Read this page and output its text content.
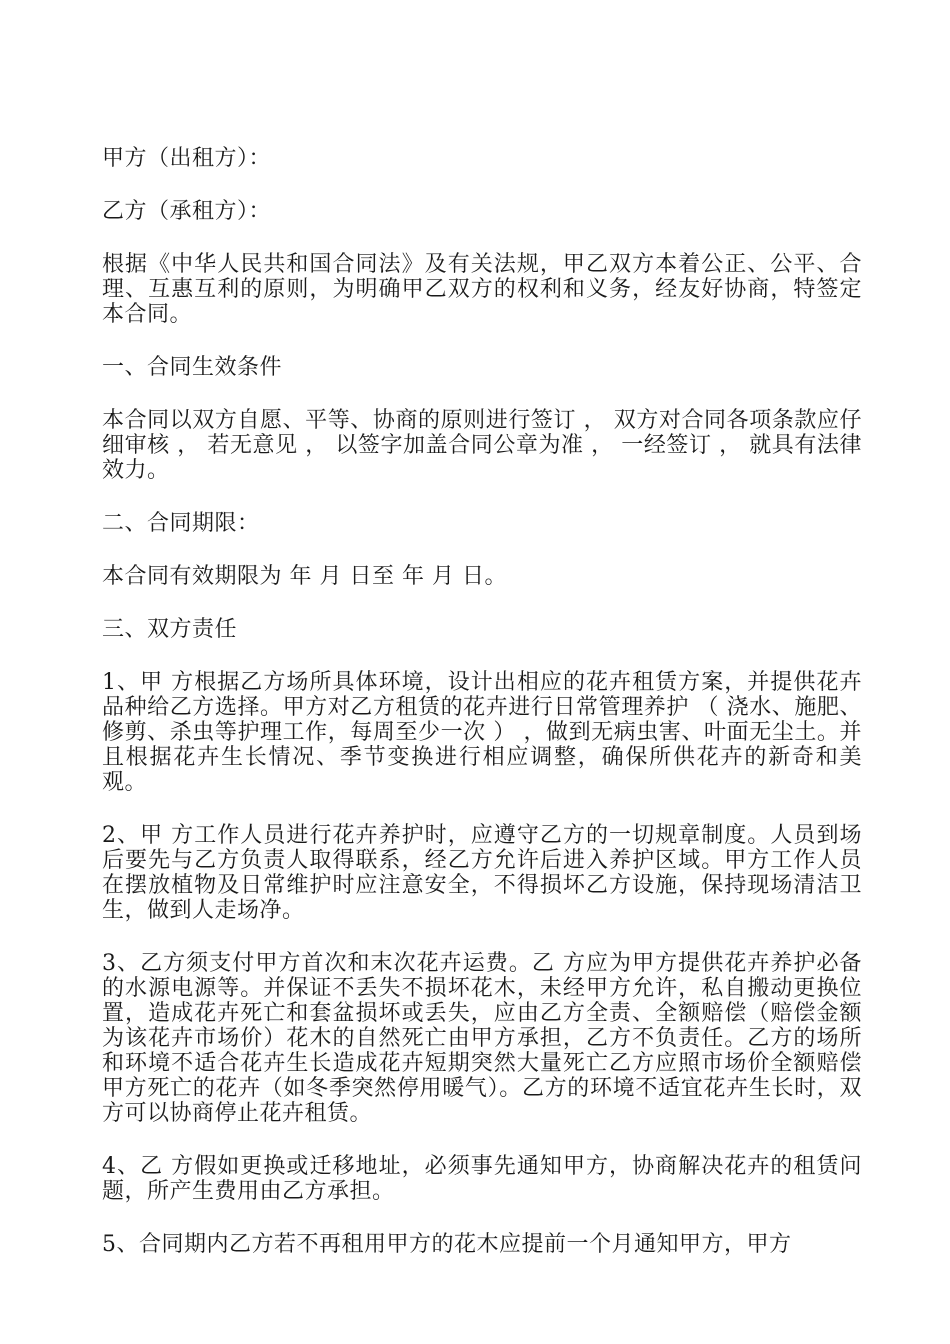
甲方（出租方）：

乙方（承租方）：

根据《中华人民共和国合同法》及有关法规，甲乙双方本着公正、公平、合理、互惠互利的原则，为明确甲乙双方的权利和义务，经友好协商，特签定本合同。

一、合同生效条件

本合同以双方自愿、平等、协商的原则进行签订 ， 双方对合同各项条款应仔细审核 ， 若无意见 ， 以签字加盖合同公章为准 ， 一经签订 ， 就具有法律效力。

二、合同期限：

本合同有效期限为 年 月 日至 年 月 日。

三、双方责任

1、甲 方根据乙方场所具体环境，设计出相应的花卉租赁方案，并提供花卉品种给乙方选择。甲方对乙方租赁的花卉进行日常管理养护 （ 浇水、施肥、修剪、杀虫等护理工作，每周至少一次 ） ，做到无病虫害、叶面无尘土。并且根据花卉生长情况、季节变换进行相应调整，确保所供花卉的新奇和美观。

2、甲 方工作人员进行花卉养护时，应遵守乙方的一切规章制度。人员到场后要先与乙方负责人取得联系，经乙方允许后进入养护区域。甲方工作人员在摆放植物及日常维护时应注意安全，不得损坏乙方设施，保持现场清洁卫生，做到人走场净。

3、乙方须支付甲方首次和末次花卉运费。乙 方应为甲方提供花卉养护必备的水源电源等。并保证不丢失不损坏花木，未经甲方允许，私自搬动更换位置，造成花卉死亡和套盆损坏或丢失，应由乙方全责、全额赔偿（赔偿金额为该花卉市场价）花木的自然死亡由甲方承担，乙方不负责任。乙方的场所和环境不适合花卉生长造成花卉短期突然大量死亡乙方应照市场价全额赔偿甲方死亡的花卉（如冬季突然停用暖气）。乙方的环境不适宜花卉生长时，双方可以协商停止花卉租赁。

4、乙 方假如更换或迁移地址，必须事先通知甲方，协商解决花卉的租赁问题，所产生费用由乙方承担。

5、合同期内乙方若不再租用甲方的花木应提前一个月通知甲方，甲方
